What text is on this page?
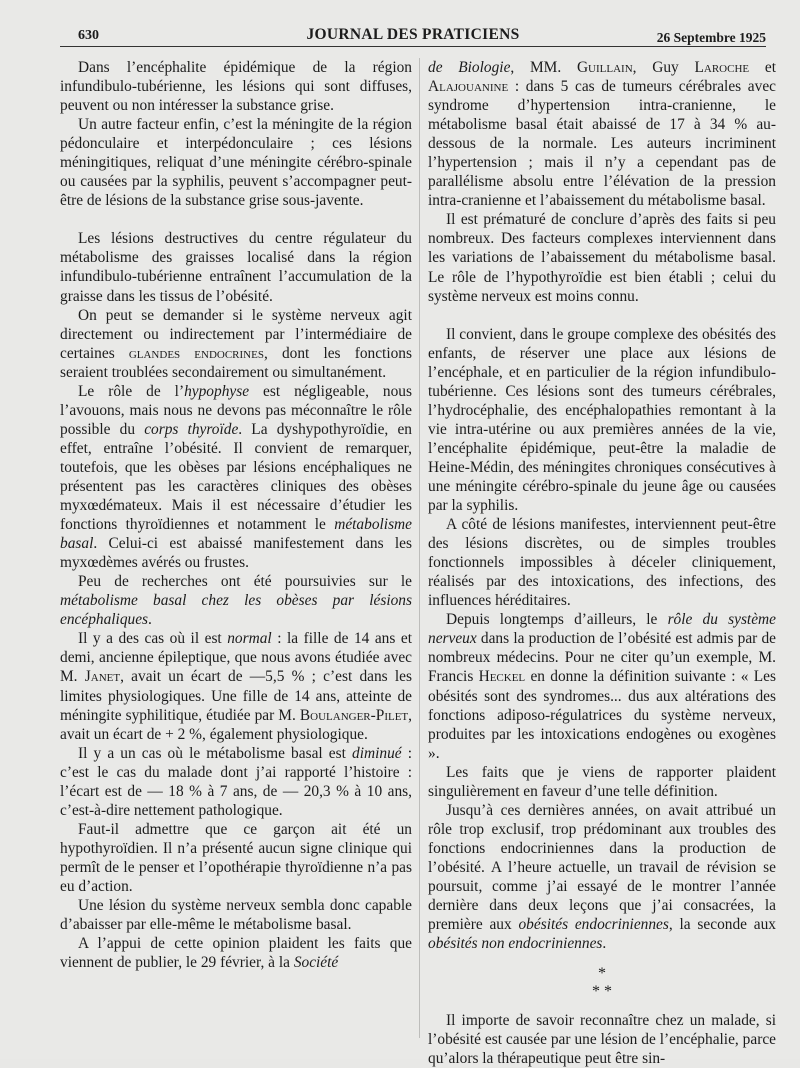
630	JOURNAL DES PRATICIENS	26 Septembre 1925

Dans l’encéphalite épidémique de la région infundibulo-tubérienne, les lésions qui sont diffuses, peuvent ou non intéresser la substance grise.

Un autre facteur enfin, c’est la méningite de la région pédonculaire et interpédonculaire ; ces lésions méningitiques, reliquat d’une méningite cérébro-spinale ou causées par la syphilis, peuvent s’accompagner peut-être de lésions de la substance grise sous-javente.

Les lésions destructives du centre régulateur du métabolisme des graisses localisé dans la région infundibulo-tubérienne entraînent l’accumulation de la graisse dans les tissus de l’obésité.

On peut se demander si le système nerveux agit directement ou indirectement par l’intermédiaire de certaines glandes endocrines, dont les fonctions seraient troublées secondairement ou simultanément.

Le rôle de l’hypophyse est négligeable, nous l’avouons, mais nous ne devons pas méconnaître le rôle possible du corps thyroïde. La dyshypothyroïdie, en effet, entraîne l’obésité. Il convient de remarquer, toutefois, que les obèses par lésions encéphaliques ne présentent pas les caractères cliniques des obèses myxœdémateux. Mais il est nécessaire d’étudier les fonctions thyroïdiennes et notamment le métabolisme basal. Celui-ci est abaissé manifestement dans les myxœdèmes avérés ou frustes.

Peu de recherches ont été poursuivies sur le métabolisme basal chez les obèses par lésions encéphaliques.

Il y a des cas où il est normal : la fille de 14 ans et demi, ancienne épileptique, que nous avons étudiée avec M. Janet, avait un écart de —5,5 % ; c’est dans les limites physiologiques. Une fille de 14 ans, atteinte de méningite syphilitique, étudiée par M. Boulanger-Pilet, avait un écart de + 2 %, également physiologique.

Il y a un cas où le métabolisme basal est diminué : c’est le cas du malade dont j’ai rapporté l’histoire : l’écart est de — 18 % à 7 ans, de — 20,3 % à 10 ans, c’est-à-dire nettement pathologique.

Faut-il admettre que ce garçon ait été un hypothyroïdien. Il n’a présenté aucun signe clinique qui permît de le penser et l’opothérapie thyroïdienne n’a pas eu d’action.

Une lésion du système nerveux sembla donc capable d’abaisser par elle-même le métabolisme basal.

A l’appui de cette opinion plaident les faits que viennent de publier, le 29 février, à la Société

de Biologie, MM. Guillain, Guy Laroche et Alajouanine : dans 5 cas de tumeurs cérébrales avec syndrome d’hypertension intra-cranienne, le métabolisme basal était abaissé de 17 à 34 % au-dessous de la normale. Les auteurs incriminent l’hypertension ; mais il n’y a cependant pas de parallélisme absolu entre l’élévation de la pression intra-cranienne et l’abaissement du métabolisme basal.

Il est prématuré de conclure d’après des faits si peu nombreux. Des facteurs complexes interviennent dans les variations de l’abaissement du métabolisme basal. Le rôle de l’hypothyroïdie est bien établi ; celui du système nerveux est moins connu.

Il convient, dans le groupe complexe des obésités des enfants, de réserver une place aux lésions de l’encéphale, et en particulier de la région infundibulo-tubérienne. Ces lésions sont des tumeurs cérébrales, l’hydrocéphalie, des encéphalopathies remontant à la vie intra-utérine ou aux premières années de la vie, l’encéphalite épidémique, peut-être la maladie de Heine-Médin, des méningites chroniques consécutives à une méningite cérébro-spinale du jeune âge ou causées par la syphilis.

A côté de lésions manifestes, interviennent peut-être des lésions discrètes, ou de simples troubles fonctionnels impossibles à déceler cliniquement, réalisés par des intoxications, des infections, des influences héréditaires.

Depuis longtemps d’ailleurs, le rôle du système nerveux dans la production de l’obésité est admis par de nombreux médecins. Pour ne citer qu’un exemple, M. Francis Heckel en donne la définition suivante : « Les obésités sont des syndromes... dus aux altérations des fonctions adiposo-régulatrices du système nerveux, produites par les intoxications endogènes ou exogènes ».

Les faits que je viens de rapporter plaident singulièrement en faveur d’une telle définition.

Jusqu’à ces dernières années, on avait attribué un rôle trop exclusif, trop prédominant aux troubles des fonctions endocriniennes dans la production de l’obésité. A l’heure actuelle, un travail de révision se poursuit, comme j’ai essayé de le montrer l’année dernière dans deux leçons que j’ai consacrées, la première aux obésités endocriniennes, la seconde aux obésités non endocriniennes.

*
* *

Il importe de savoir reconnaître chez un malade, si l’obésité est causée par une lésion de l’encéphalie, parce qu’alors la thérapeutique peut être sin-
